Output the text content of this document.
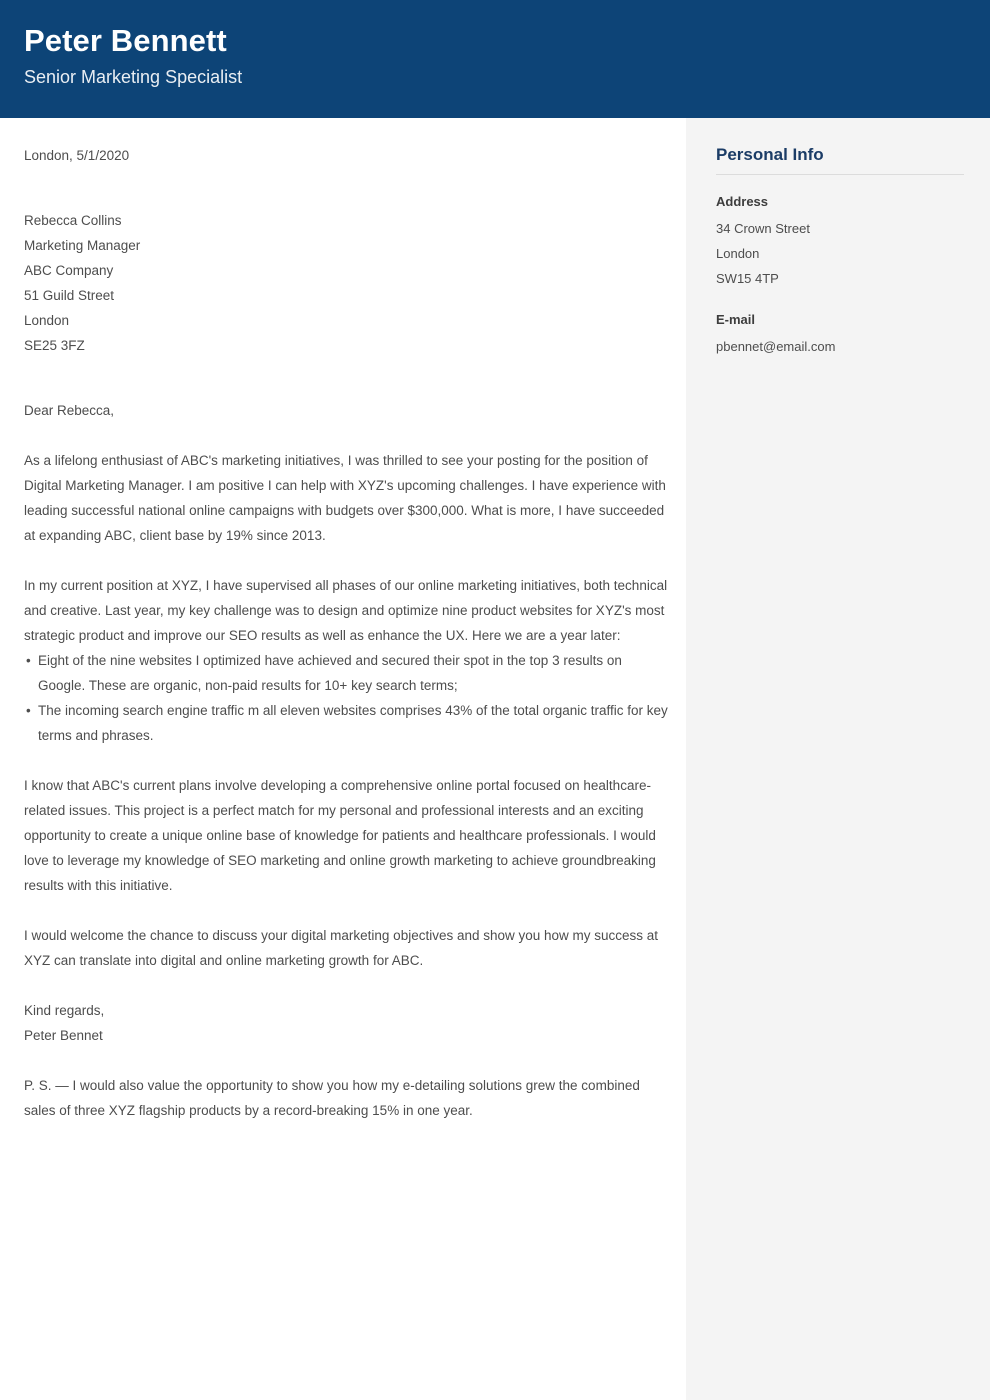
Peter Bennett

Senior Marketing Specialist

London, 5/1/2020
Rebecca Collins
Marketing Manager
ABC Company
51 Guild Street
London
SE25 3FZ
Dear Rebecca,

As a lifelong enthusiast of ABC's marketing initiatives, I was thrilled to see your posting for the position of Digital Marketing Manager. I am positive I can help with XYZ's upcoming challenges. I have experience with leading successful national online campaigns with budgets over $300,000. What is more, I have succeeded at expanding ABC, client base by 19% since 2013.

In my current position at XYZ, I have supervised all phases of our online marketing initiatives, both technical and creative. Last year, my key challenge was to design and optimize nine product websites for XYZ's most strategic product and improve our SEO results as well as enhance the UX. Here we are a year later:

• Eight of the nine websites I optimized have achieved and secured their spot in the top 3 results on Google. These are organic, non-paid results for 10+ key search terms;
• The incoming search engine traffic m all eleven websites comprises 43% of the total organic traffic for key terms and phrases.

I know that ABC's current plans involve developing a comprehensive online portal focused on healthcare-related issues. This project is a perfect match for my personal and professional interests and an exciting opportunity to create a unique online base of knowledge for patients and healthcare professionals. I would love to leverage my knowledge of SEO marketing and online growth marketing to achieve groundbreaking results with this initiative.

I would welcome the chance to discuss your digital marketing objectives and show you how my success at XYZ can translate into digital and online marketing growth for ABC.

Kind regards,
Peter Bennet

P. S. — I would also value the opportunity to show you how my e-detailing solutions grew the combined sales of three XYZ flagship products by a record-breaking 15% in one year.

Personal Info
Address
34 Crown Street
London
SW15 4TP
E-mail
pbennet@email.com
